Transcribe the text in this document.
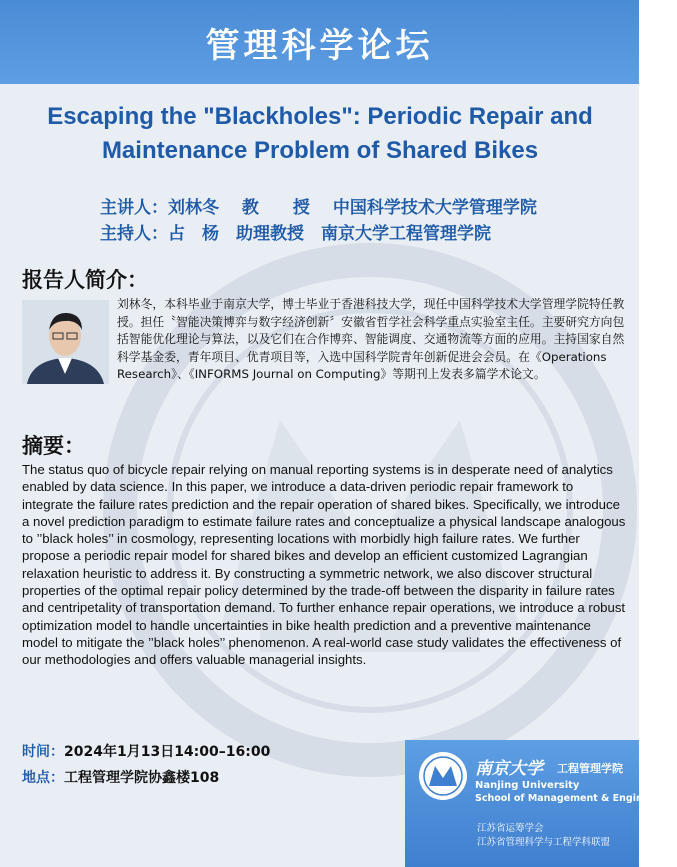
管理科学论坛
Escaping the "Blackholes": Periodic Repair and
Maintenance Problem of Shared Bikes
主讲人：刘林冬　 教　　授　 中国科学技术大学管理学院
主持人：占　杨　助理教授　南京大学工程管理学院
报告人简介：
刘林冬，本科毕业于南京大学，博士毕业于香港科技大学，现任中国科学技术大学管理学院特任教授。担任〝智能决策博弈与数字经济创新〞安徽省哲学社会科学重点实验室主任。主要研究方向包括智能优化理论与算法，以及它们在合作博弈、智能调度、交通物流等方面的应用。主持国家自然科学基金委，青年项目、优青项目等，入选中国科学院青年创新促进会会员。在《Operations Research》、《INFORMS Journal on Computing》等期刊上发表多篇学术论文。
摘要：
The status quo of bicycle repair relying on manual reporting systems is in desperate need of analytics enabled by data science. In this paper, we introduce a data-driven periodic repair framework to integrate the failure rates prediction and the repair operation of shared bikes. Specifically, we introduce a novel prediction paradigm to estimate failure rates and conceptualize a physical landscape analogous to ’’black holes’’ in cosmology, representing locations with morbidly high failure rates. We further propose a periodic repair model for shared bikes and develop an efficient customized Lagrangian relaxation heuristic to address it. By constructing a symmetric network, we also discover structural properties of the optimal repair policy determined by the trade-off between the disparity in failure rates and centripetality of transportation demand. To further enhance repair operations, we introduce a robust optimization model to handle uncertainties in bike health prediction and a preventive maintenance model to mitigate the ’’black holes’’ phenomenon. A real-world case study validates the effectiveness of our methodologies and offers valuable managerial insights.
时间：2024年1月13日14:00–16:00
地点：工程管理学院协鑫楼108	南京大学 工程管理学院
Nanjing University
School of Management & Engineering
江苏省运筹学会
江苏省管理科学与工程学科联盟
